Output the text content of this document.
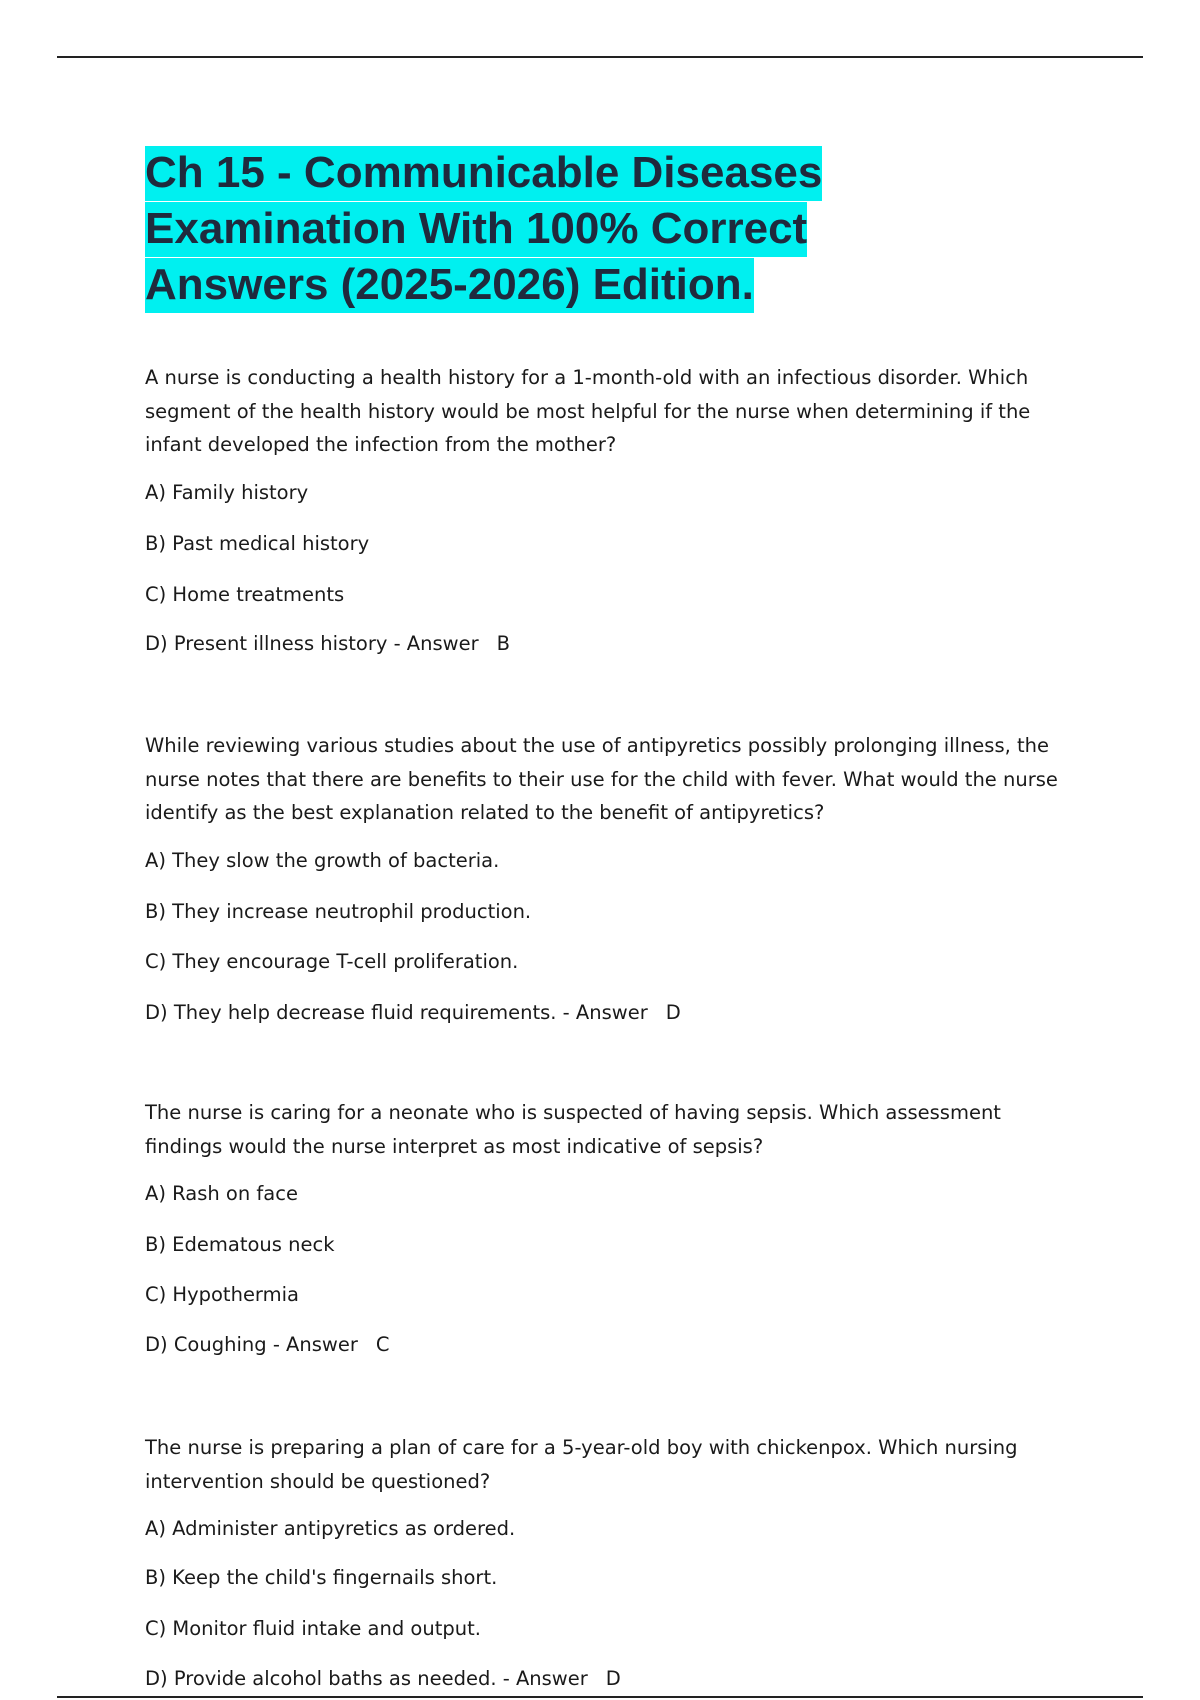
Ch 15 - Communicable Diseases
Examination With 100% Correct
Answers (2025-2026) Edition.

A nurse is conducting a health history for a 1-month-old with an infectious disorder. Which segment of the health history would be most helpful for the nurse when determining if the infant developed the infection from the mother?

A) Family history

B) Past medical history

C) Home treatments

D) Present illness history - Answer B

While reviewing various studies about the use of antipyretics possibly prolonging illness, the nurse notes that there are benefits to their use for the child with fever. What would the nurse identify as the best explanation related to the benefit of antipyretics?

A) They slow the growth of bacteria.

B) They increase neutrophil production.

C) They encourage T-cell proliferation.

D) They help decrease fluid requirements. - Answer D

The nurse is caring for a neonate who is suspected of having sepsis. Which assessment findings would the nurse interpret as most indicative of sepsis?

A) Rash on face

B) Edematous neck

C) Hypothermia

D) Coughing - Answer C

The nurse is preparing a plan of care for a 5-year-old boy with chickenpox. Which nursing intervention should be questioned?

A) Administer antipyretics as ordered.

B) Keep the child's fingernails short.

C) Monitor fluid intake and output.

D) Provide alcohol baths as needed. - Answer D
